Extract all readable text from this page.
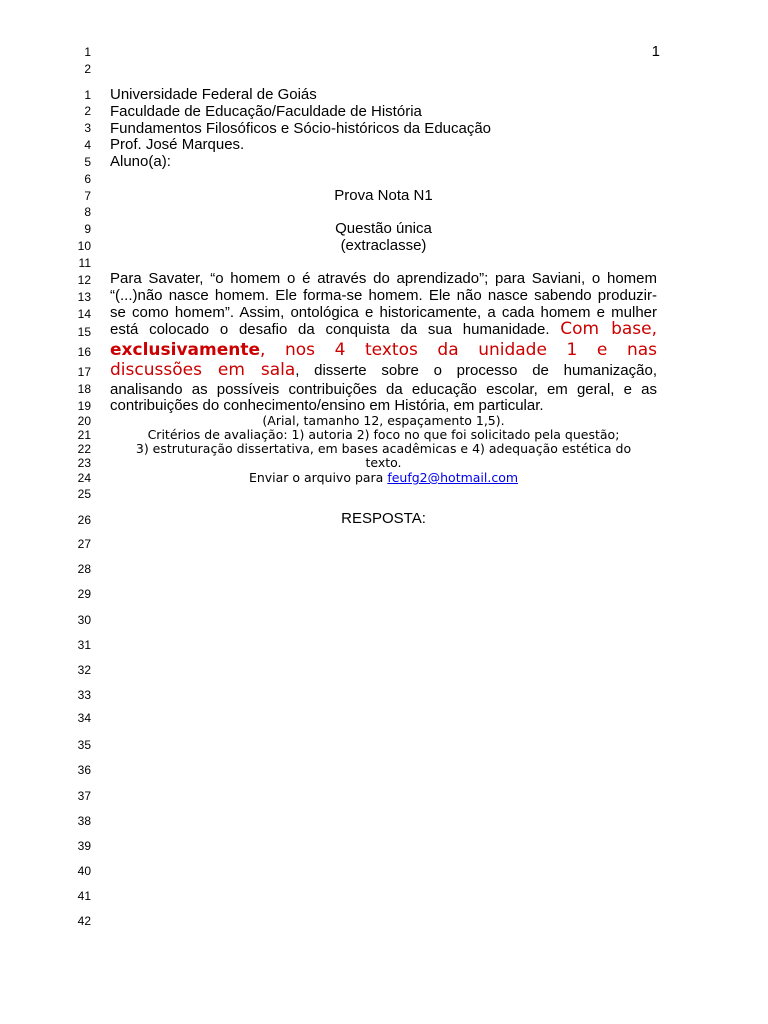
1
1
2
1
2
3
4
5
6
7
8
9
10
11
12
13
14
15
16
17
18
19
20
21
22
23
24
25
26
27
28
29
30
31
32
33
34
35
36
37
38
39
40
41
42
Universidade Federal de Goiás
Faculdade de Educação/Faculdade de História
Fundamentos Filosóficos e Sócio-históricos da Educação
Prof. José Marques.
Aluno(a):
Prova Nota N1
Questão única
(extraclasse)
Para Savater, “o homem o é através do aprendizado”; para Saviani, o homem
“(...)não nasce homem. Ele forma-se homem. Ele não nasce sabendo produzir-
se como homem”. Assim, ontológica e historicamente, a cada homem e mulher
está colocado o desafio da conquista da sua humanidade. Com base,
exclusivamente, nos 4 textos da unidade 1 e nas
discussões em sala, disserte sobre o processo de humanização,
analisando as possíveis contribuições da educação escolar, em geral, e as
contribuições do conhecimento/ensino em História, em particular.
(Arial, tamanho 12, espaçamento 1,5).
Critérios de avaliação: 1) autoria 2) foco no que foi solicitado pela questão;
3) estruturação dissertativa, em bases acadêmicas e 4) adequação estética do
texto.
Enviar o arquivo para feufg2@hotmail.com
RESPOSTA:
